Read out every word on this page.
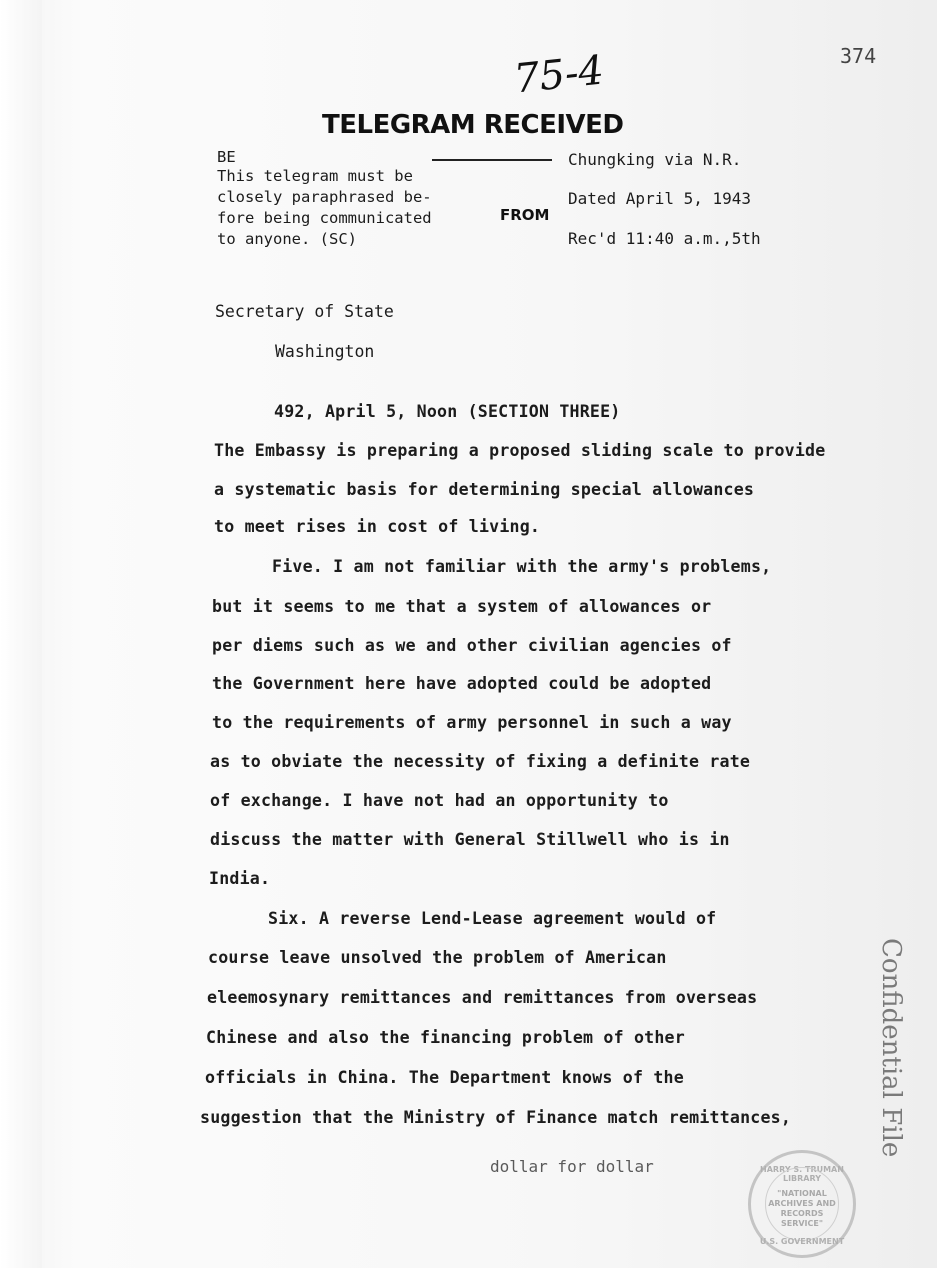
75-4	374
TELEGRAM RECEIVED
BE
This telegram must be
closely paraphrased be-
fore being communicated
to anyone. (SC)
FROM
Chungking via N.R.
Dated April 5, 1943
Rec'd 11:40 a.m.,5th
Secretary of State
Washington
492, April 5, Noon (SECTION THREE)
The Embassy is preparing a proposed sliding scale to provide
a systematic basis for determining special allowances
to meet rises in cost of living.
Five. I am not familiar with the army's problems,
but it seems to me that a system of allowances or
per diems such as we and other civilian agencies of
the Government here have adopted could be adopted
to the requirements of army personnel in such a way
as to obviate the necessity of fixing a definite rate
of exchange. I have not had an opportunity to
discuss the matter with General Stillwell who is in
India.
Six. A reverse Lend-Lease agreement would of
course leave unsolved the problem of American
eleemosynary remittances and remittances from overseas
Chinese and also the financing problem of other
officials in China. The Department knows of the
suggestion that the Ministry of Finance match remittances,
dollar for dollar
Confidential File
HARRY S. TRUMAN LIBRARY
"NATIONAL ARCHIVES AND RECORDS SERVICE"
U.S. GOVERNMENT
